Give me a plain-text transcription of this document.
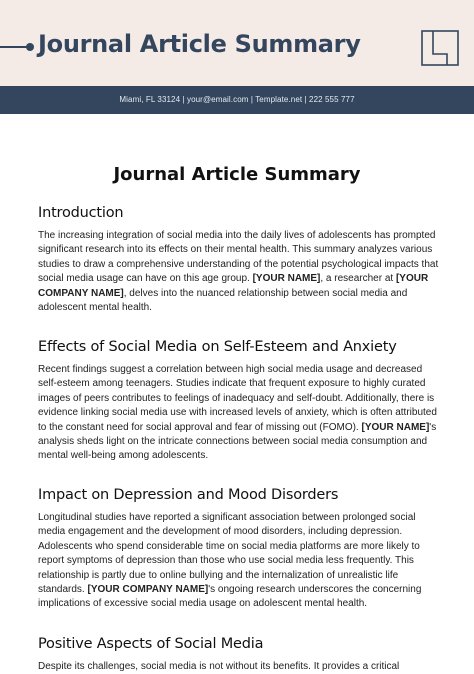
Journal Article Summary
Miami, FL 33124 | your@email.com | Template.net | 222 555 777
Journal Article Summary
Introduction

The increasing integration of social media into the daily lives of adolescents has prompted significant research into its effects on their mental health. This summary analyzes various studies to draw a comprehensive understanding of the potential psychological impacts that social media usage can have on this age group. [YOUR NAME], a researcher at [YOUR COMPANY NAME], delves into the nuanced relationship between social media and adolescent mental health.

Effects of Social Media on Self-Esteem and Anxiety

Recent findings suggest a correlation between high social media usage and decreased self-esteem among teenagers. Studies indicate that frequent exposure to highly curated images of peers contributes to feelings of inadequacy and self-doubt. Additionally, there is evidence linking social media use with increased levels of anxiety, which is often attributed to the constant need for social approval and fear of missing out (FOMO). [YOUR NAME]'s analysis sheds light on the intricate connections between social media consumption and mental well-being among adolescents.

Impact on Depression and Mood Disorders

Longitudinal studies have reported a significant association between prolonged social media engagement and the development of mood disorders, including depression. Adolescents who spend considerable time on social media platforms are more likely to report symptoms of depression than those who use social media less frequently. This relationship is partly due to online bullying and the internalization of unrealistic life standards. [YOUR COMPANY NAME]'s ongoing research underscores the concerning implications of excessive social media usage on adolescent mental health.

Positive Aspects of Social Media

Despite its challenges, social media is not without its benefits. It provides a critical
